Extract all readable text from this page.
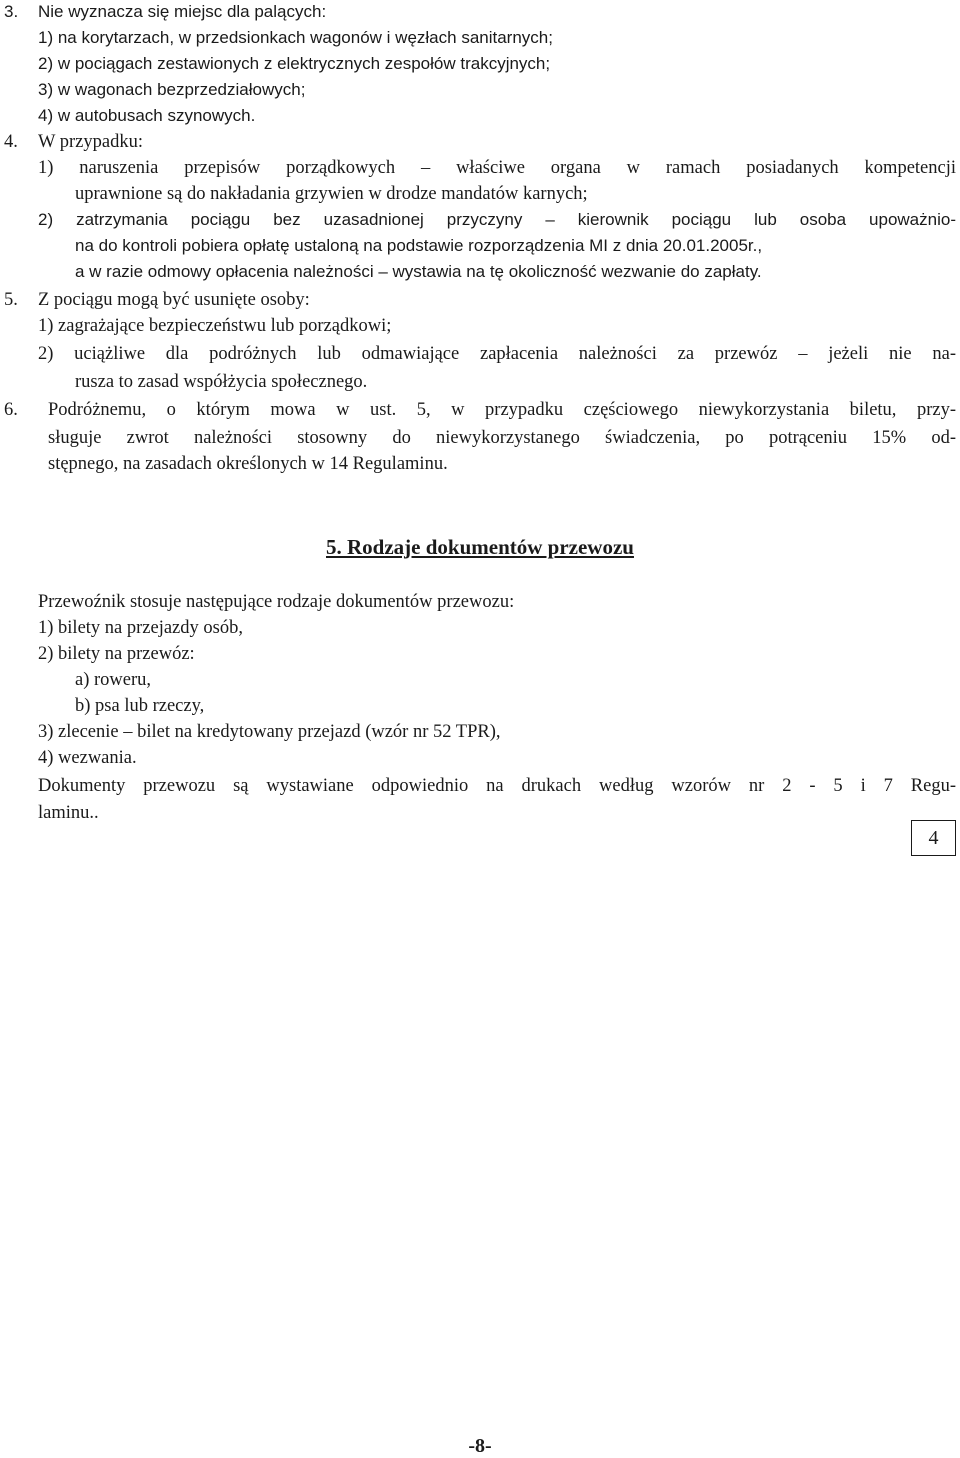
3. Nie wyznacza się miejsc dla palących:
1) na korytarzach, w przedsionkach wagonów i węzłach sanitarnych;
2) w pociągach zestawionych z elektrycznych zespołów trakcyjnych;
3) w wagonach bezprzedziałowych;
4) w autobusach szynowych.
4. W przypadku:
1) naruszenia przepisów porządkowych – właściwe organa w ramach posiadanych kompetencji
uprawnione są do nakładania grzywien w drodze mandatów karnych;
2) zatrzymania pociągu bez uzasadnionej przyczyny – kierownik pociągu lub osoba upoważnio-
na do kontroli pobiera opłatę ustaloną na podstawie rozporządzenia MI z dnia 20.01.2005r.,
a w razie odmowy opłacenia należności – wystawia na tę okoliczność wezwanie do zapłaty.
5. Z pociągu mogą być usunięte osoby:
1) zagrażające bezpieczeństwu lub porządkowi;
2) uciążliwe dla podróżnych lub odmawiające zapłacenia należności za przewóz – jeżeli nie na-
rusza to zasad współżycia społecznego.
6. Podróżnemu, o którym mowa w ust. 5, w przypadku częściowego niewykorzystania biletu, przy-
sługuje zwrot należności stosowny do niewykorzystanego świadczenia, po potrąceniu 15% od-
stępnego, na zasadach określonych w 14 Regulaminu.
5. Rodzaje dokumentów przewozu
Przewoźnik stosuje następujące rodzaje dokumentów przewozu:
1) bilety na przejazdy osób,
2) bilety na przewóz:
a) roweru,
b) psa lub rzeczy,
3) zlecenie – bilet na kredytowany przejazd (wzór nr 52 TPR),
4) wezwania.
Dokumenty przewozu są wystawiane odpowiednio na drukach według wzorów nr 2 - 5 i 7 Regu-
laminu..
4
-8-
